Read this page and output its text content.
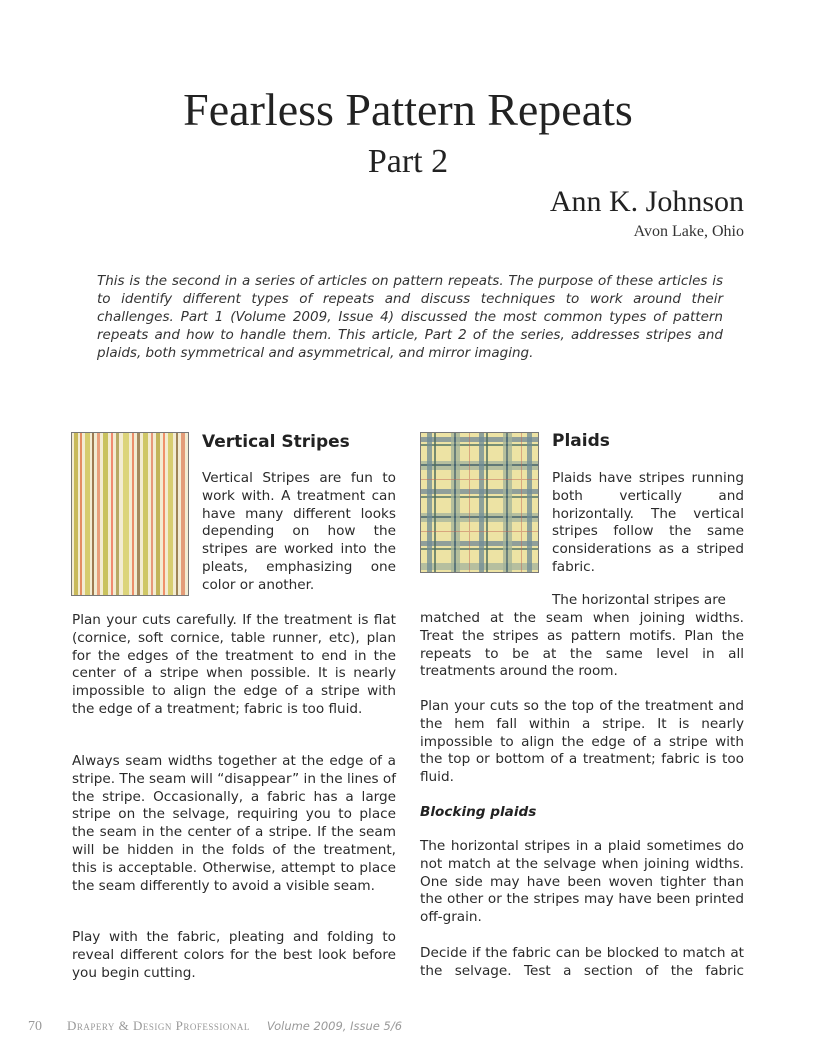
Fearless Pattern Repeats
Part 2
Ann K. Johnson
Avon Lake, Ohio

This is the second in a series of articles on pattern repeats. The purpose of these articles is to identify different types of repeats and discuss techniques to work around their challenges. Part 1 (Volume 2009, Issue 4) discussed the most common types of pattern repeats and how to handle them. This article, Part 2 of the series, addresses stripes and plaids, both symmetrical and asymmetrical, and mirror imaging.

Vertical Stripes

Vertical Stripes are fun to work with. A treatment can have many different looks depending on how the stripes are worked into the pleats, emphasizing one color or another.

Plan your cuts carefully. If the treatment is flat (cornice, soft cornice, table runner, etc), plan for the edges of the treatment to end in the center of a stripe when possible. It is nearly impossible to align the edge of a stripe with the edge of a treatment; fabric is too fluid.

Always seam widths together at the edge of a stripe. The seam will “disappear” in the lines of the stripe. Occasionally, a fabric has a large stripe on the selvage, requiring you to place the seam in the center of a stripe. If the seam will be hidden in the folds of the treatment, this is acceptable. Otherwise, attempt to place the seam differently to avoid a visible seam.

Play with the fabric, pleating and folding to reveal different colors for the best look before you begin cutting.

Plaids

Plaids have stripes running both vertically and horizontally. The vertical stripes follow the same considerations as a striped fabric.

The horizontal stripes are

matched at the seam when joining widths. Treat the stripes as pattern motifs. Plan the repeats to be at the same level in all treatments around the room.

Plan your cuts so the top of the treatment and the hem fall within a stripe. It is nearly impossible to align the edge of a stripe with the top or bottom of a treatment; fabric is too fluid.

Blocking plaids

The horizontal stripes in a plaid sometimes do not match at the selvage when joining widths. One side may have been woven tighter than the other or the stripes may have been printed off-grain.

Decide if the fabric can be blocked to match at the selvage. Test a section of the fabric

70 Drapery & Design Professional Volume 2009, Issue 5/6
